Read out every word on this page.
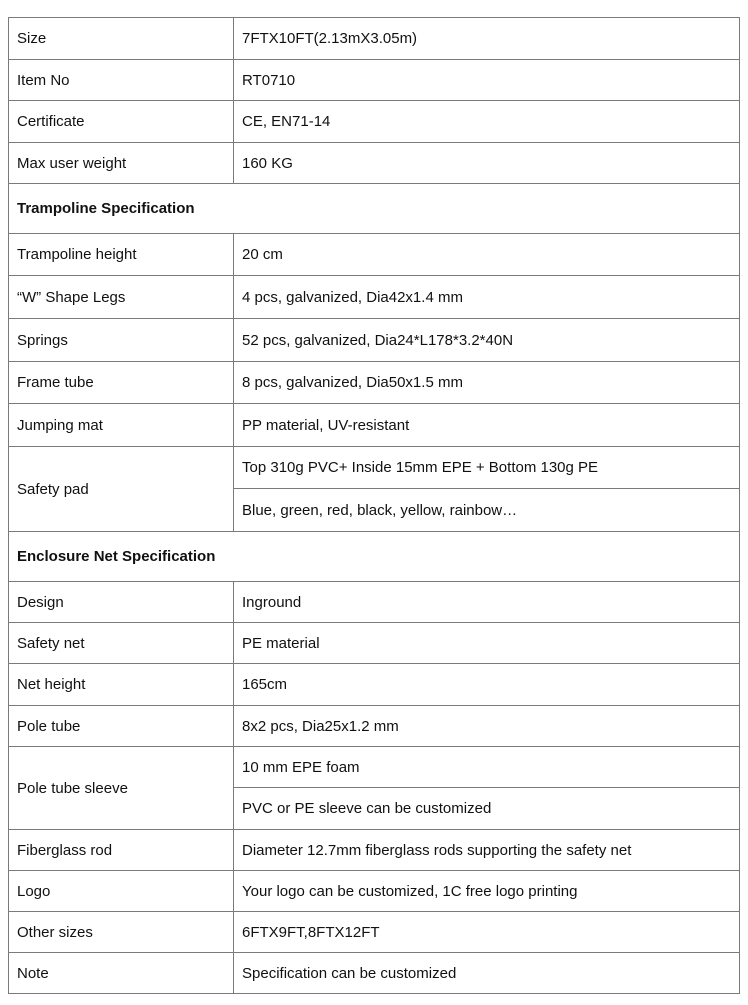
Size	7FTX10FT(2.13mX3.05m)
Item No	RT0710
Certificate	CE, EN71-14
Max user weight	160 KG
Trampoline Specification	
Trampoline height	20 cm
“W” Shape Legs	4 pcs, galvanized, Dia42x1.4 mm
Springs	52 pcs, galvanized, Dia24*L178*3.2*40N
Frame tube	8 pcs, galvanized, Dia50x1.5 mm
Jumping mat	PP material, UV-resistant
Safety pad	Top 310g PVC+ Inside 15mm EPE + Bottom 130g PE
	Blue, green, red, black, yellow, rainbow…
Enclosure Net Specification	
Design	Inground
Safety net	PE material
Net height	165cm
Pole tube	8x2 pcs, Dia25x1.2 mm
Pole tube sleeve	10 mm EPE foam
	PVC or PE sleeve can be customized
Fiberglass rod	Diameter 12.7mm fiberglass rods supporting the safety net
Logo	Your logo can be customized, 1C free logo printing
Other sizes	6FTX9FT,8FTX12FT
Note	Specification can be customized
